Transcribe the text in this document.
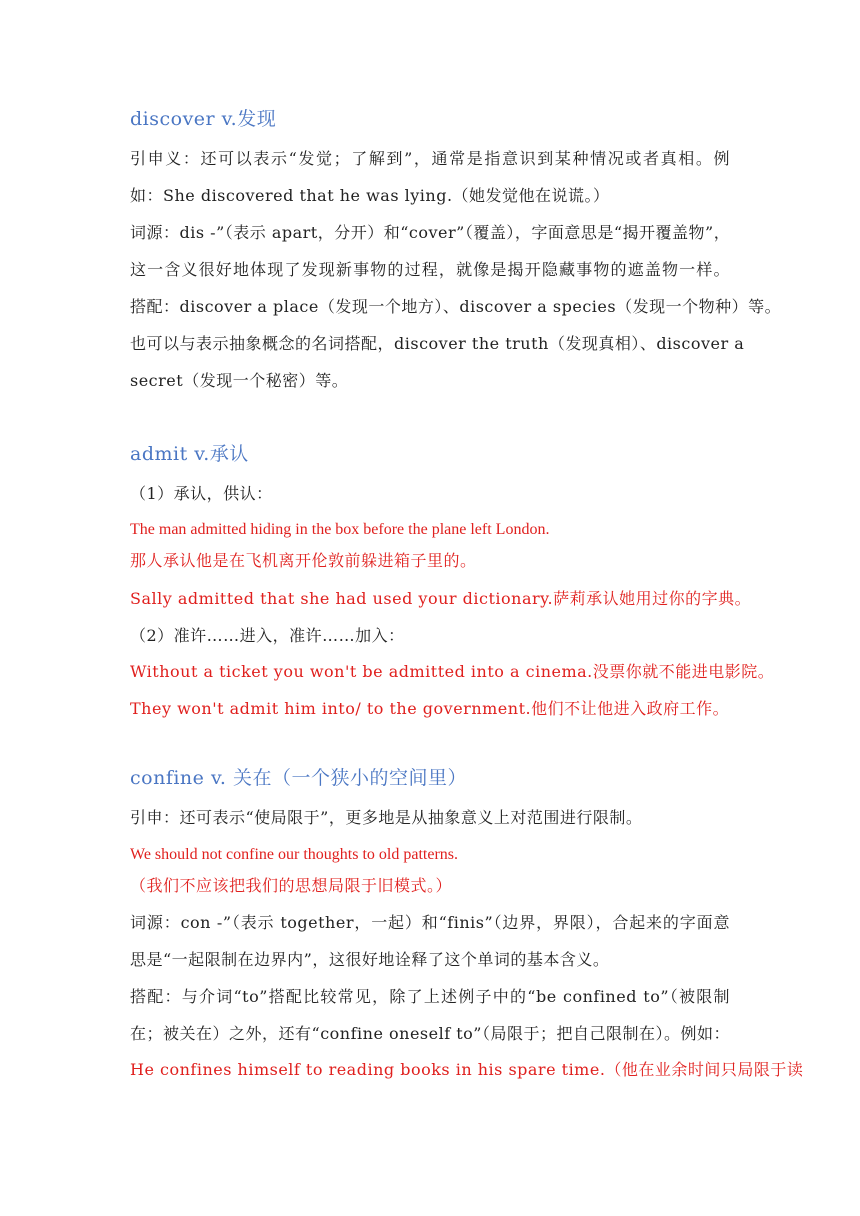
discover v.发现
引申义：还可以表示“发觉；了解到”，通常是指意识到某种情况或者真相。例
如：She discovered that he was lying.（她发觉他在说谎。）
词源：dis -”（表示 apart，分开）和“cover”（覆盖），字面意思是“揭开覆盖物”，
这一含义很好地体现了发现新事物的过程，就像是揭开隐藏事物的遮盖物一样。
搭配：discover a place（发现一个地方）、discover a species（发现一个物种）等。
也可以与表示抽象概念的名词搭配，discover the truth（发现真相）、discover a
secret（发现一个秘密）等。
admit v.承认
（1）承认，供认：
The man admitted hiding in the box before the plane left London.
那人承认他是在飞机离开伦敦前躲进箱子里的。
Sally admitted that she had used your dictionary.萨莉承认她用过你的字典。
（2）准许……进入，准许……加入：
Without a ticket you won't be admitted into a cinema.没票你就不能进电影院。
They won't admit him into/ to the government.他们不让他进入政府工作。
confine v. 关在（一个狭小的空间里）
引申：还可表示“使局限于”，更多地是从抽象意义上对范围进行限制。
We should not confine our thoughts to old patterns.
（我们不应该把我们的思想局限于旧模式。）
词源：con -”（表示 together，一起）和“finis”（边界，界限），合起来的字面意
思是“一起限制在边界内”，这很好地诠释了这个单词的基本含义。
搭配：与介词“to”搭配比较常见，除了上述例子中的“be confined to”（被限制
在；被关在）之外，还有“confine oneself to”（局限于；把自己限制在）。例如：
He confines himself to reading books in his spare time.（他在业余时间只局限于读
